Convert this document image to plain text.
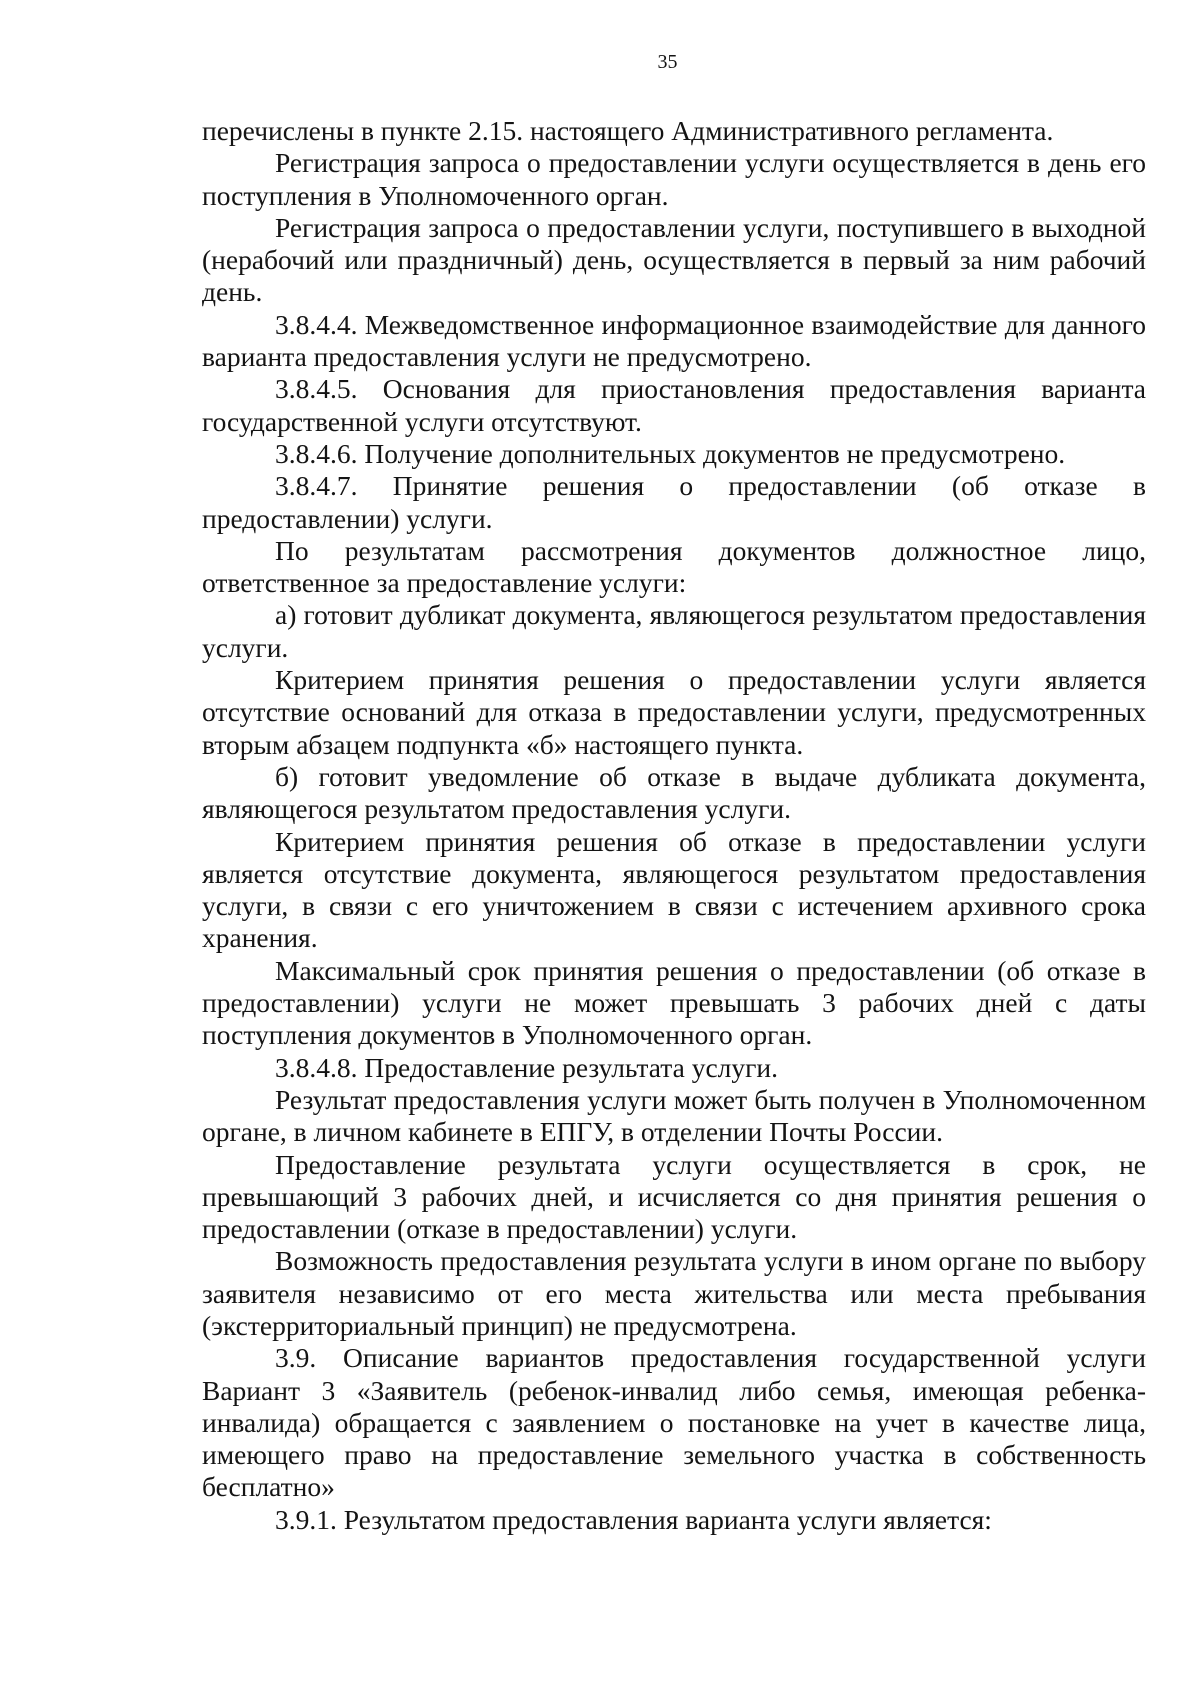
35

перечислены в пункте 2.15. настоящего Административного регламента.

Регистрация запроса о предоставлении услуги осуществляется в день его поступления в Уполномоченного орган.

Регистрация запроса о предоставлении услуги, поступившего в выходной (нерабочий или праздничный) день, осуществляется в первый за ним рабочий день.

3.8.4.4. Межведомственное информационное взаимодействие для данного варианта предоставления услуги не предусмотрено.

3.8.4.5. Основания для приостановления предоставления варианта государственной услуги отсутствуют.

3.8.4.6. Получение дополнительных документов не предусмотрено.

3.8.4.7. Принятие решения о предоставлении (об отказе в предоставлении) услуги.

По результатам рассмотрения документов должностное лицо, ответственное за предоставление услуги:

а) готовит дубликат документа, являющегося результатом предоставления услуги.

Критерием принятия решения о предоставлении услуги является отсутствие оснований для отказа в предоставлении услуги, предусмотренных вторым абзацем подпункта «б» настоящего пункта.

б) готовит уведомление об отказе в выдаче дубликата документа, являющегося результатом предоставления услуги.

Критерием принятия решения об отказе в предоставлении услуги является отсутствие документа, являющегося результатом предоставления услуги, в связи с его уничтожением в связи с истечением архивного срока хранения.

Максимальный срок принятия решения о предоставлении (об отказе в предоставлении) услуги не может превышать 3 рабочих дней с даты поступления документов в Уполномоченного орган.

3.8.4.8. Предоставление результата услуги.

Результат предоставления услуги может быть получен в Уполномоченном органе, в личном кабинете в ЕПГУ, в отделении Почты России.

Предоставление результата услуги осуществляется в срок, не превышающий 3 рабочих дней, и исчисляется со дня принятия решения о предоставлении (отказе в предоставлении) услуги.

Возможность предоставления результата услуги в ином органе по выбору заявителя независимо от его места жительства или места пребывания (экстерриториальный принцип) не предусмотрена.

3.9. Описание вариантов предоставления государственной услуги Вариант 3 «Заявитель (ребенок-инвалид либо семья, имеющая ребенка-инвалида) обращается с заявлением о постановке на учет в качестве лица, имеющего право на предоставление земельного участка в собственность бесплатно»

3.9.1. Результатом предоставления варианта услуги является:
